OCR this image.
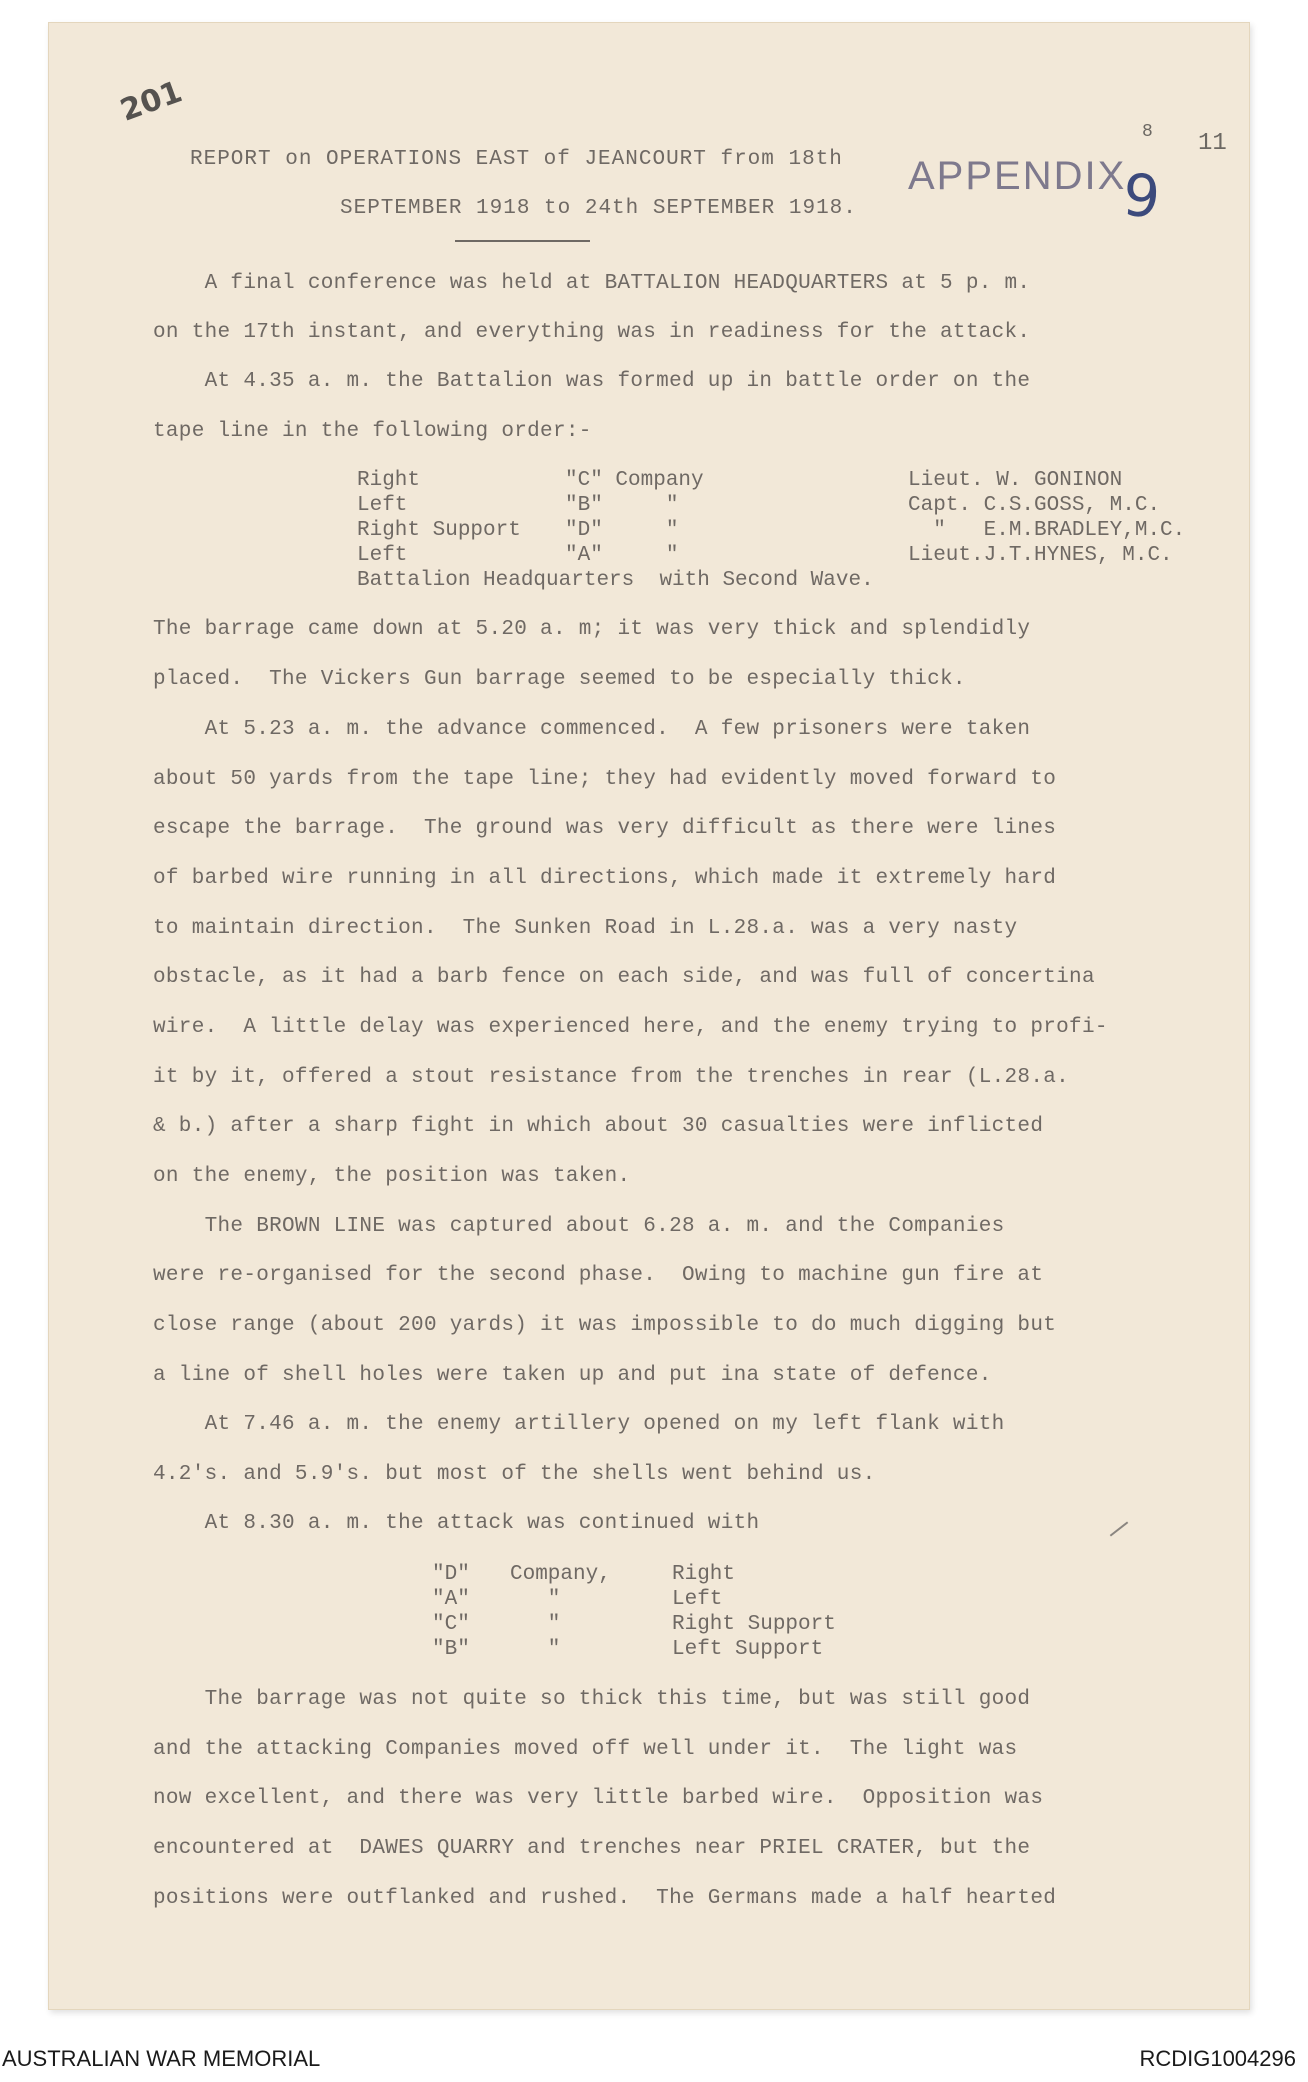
201
8 11
APPENDIX
9
REPORT on OPERATIONS EAST of JEANCOURT from 18th
SEPTEMBER 1918 to 24th SEPTEMBER 1918.
A final conference was held at BATTALION HEADQUARTERS at 5 p. m.
on the 17th instant, and everything was in readiness for the attack.
At 4.35 a. m. the Battalion was formed up in battle order on the
tape line in the following order:-
Right	"C" Company	Lieut. W. GONINON
Left	"B"     "	Capt. C.S.GOSS, M.C.
Right Support "D"     "	"   E.M.BRADLEY,M.C.
Left	"A"     "	Lieut.J.T.HYNES, M.C.
Battalion Headquarters  with Second Wave.
The barrage came down at 5.20 a. m; it was very thick and splendidly
placed.  The Vickers Gun barrage seemed to be especially thick.
At 5.23 a. m. the advance commenced.  A few prisoners were taken
about 50 yards from the tape line; they had evidently moved forward to
escape the barrage.  The ground was very difficult as there were lines
of barbed wire running in all directions, which made it extremely hard
to maintain direction.  The Sunken Road in L.28.a. was a very nasty
obstacle, as it had a barb fence on each side, and was full of concertina
wire.  A little delay was experienced here, and the enemy trying to profi-
it by it, offered a stout resistance from the trenches in rear (L.28.a.
& b.) after a sharp fight in which about 30 casualties were inflicted
on the enemy, the position was taken.
The BROWN LINE was captured about 6.28 a. m. and the Companies
were re-organised for the second phase.  Owing to machine gun fire at
close range (about 200 yards) it was impossible to do much digging but
a line of shell holes were taken up and put ina state of defence.
At 7.46 a. m. the enemy artillery opened on my left flank with
4.2's. and 5.9's. but most of the shells went behind us.
At 8.30 a. m. the attack was continued with
"D" Company,	Right
"A" "	Left
"C" "	Right Support
"B" "	Left Support
The barrage was not quite so thick this time, but was still good
and the attacking Companies moved off well under it.  The light was
now excellent, and there was very little barbed wire.  Opposition was
encountered at  DAWES QUARRY and trenches near PRIEL CRATER, but the
positions were outflanked and rushed.  The Germans made a half hearted
AUSTRALIAN WAR MEMORIAL	RCDIG1004296
